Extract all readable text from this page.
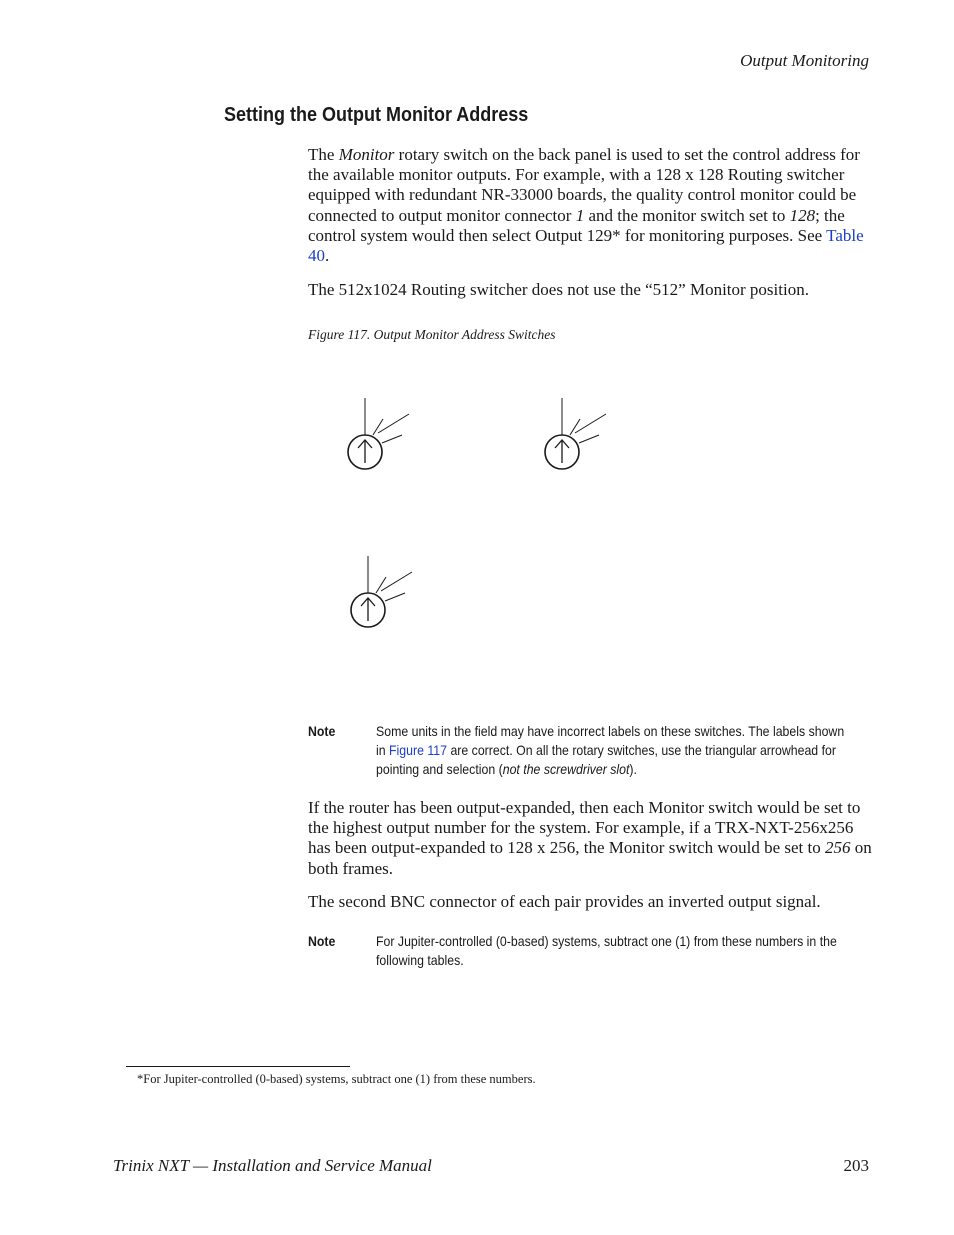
Output Monitoring
Setting the Output Monitor Address

The Monitor rotary switch on the back panel is used to set the control address for the available monitor outputs. For example, with a 128 x 128 Routing switcher equipped with redundant NR-33000 boards, the quality control monitor could be connected to output monitor connector 1 and the monitor switch set to 128; the control system would then select Output 129* for monitoring purposes. See Table 40.

The 512x1024 Routing switcher does not use the “512” Monitor position.

Figure 117. Output Monitor Address Switches
Note	Some units in the field may have incorrect labels on these switches. The labels shown in Figure 117 are correct. On all the rotary switches, use the triangular arrowhead for pointing and selection (not the screwdriver slot).

If the router has been output-expanded, then each Monitor switch would be set to the highest output number for the system. For example, if a TRX-NXT-256x256 has been output-expanded to 128 x 256, the Monitor switch would be set to 256 on both frames.

The second BNC connector of each pair provides an inverted output signal.

Note	For Jupiter-controlled (0-based) systems, subtract one (1) from these numbers in the following tables.
*For Jupiter-controlled (0-based) systems, subtract one (1) from these numbers.
Trinix NXT — Installation and Service Manual	203
